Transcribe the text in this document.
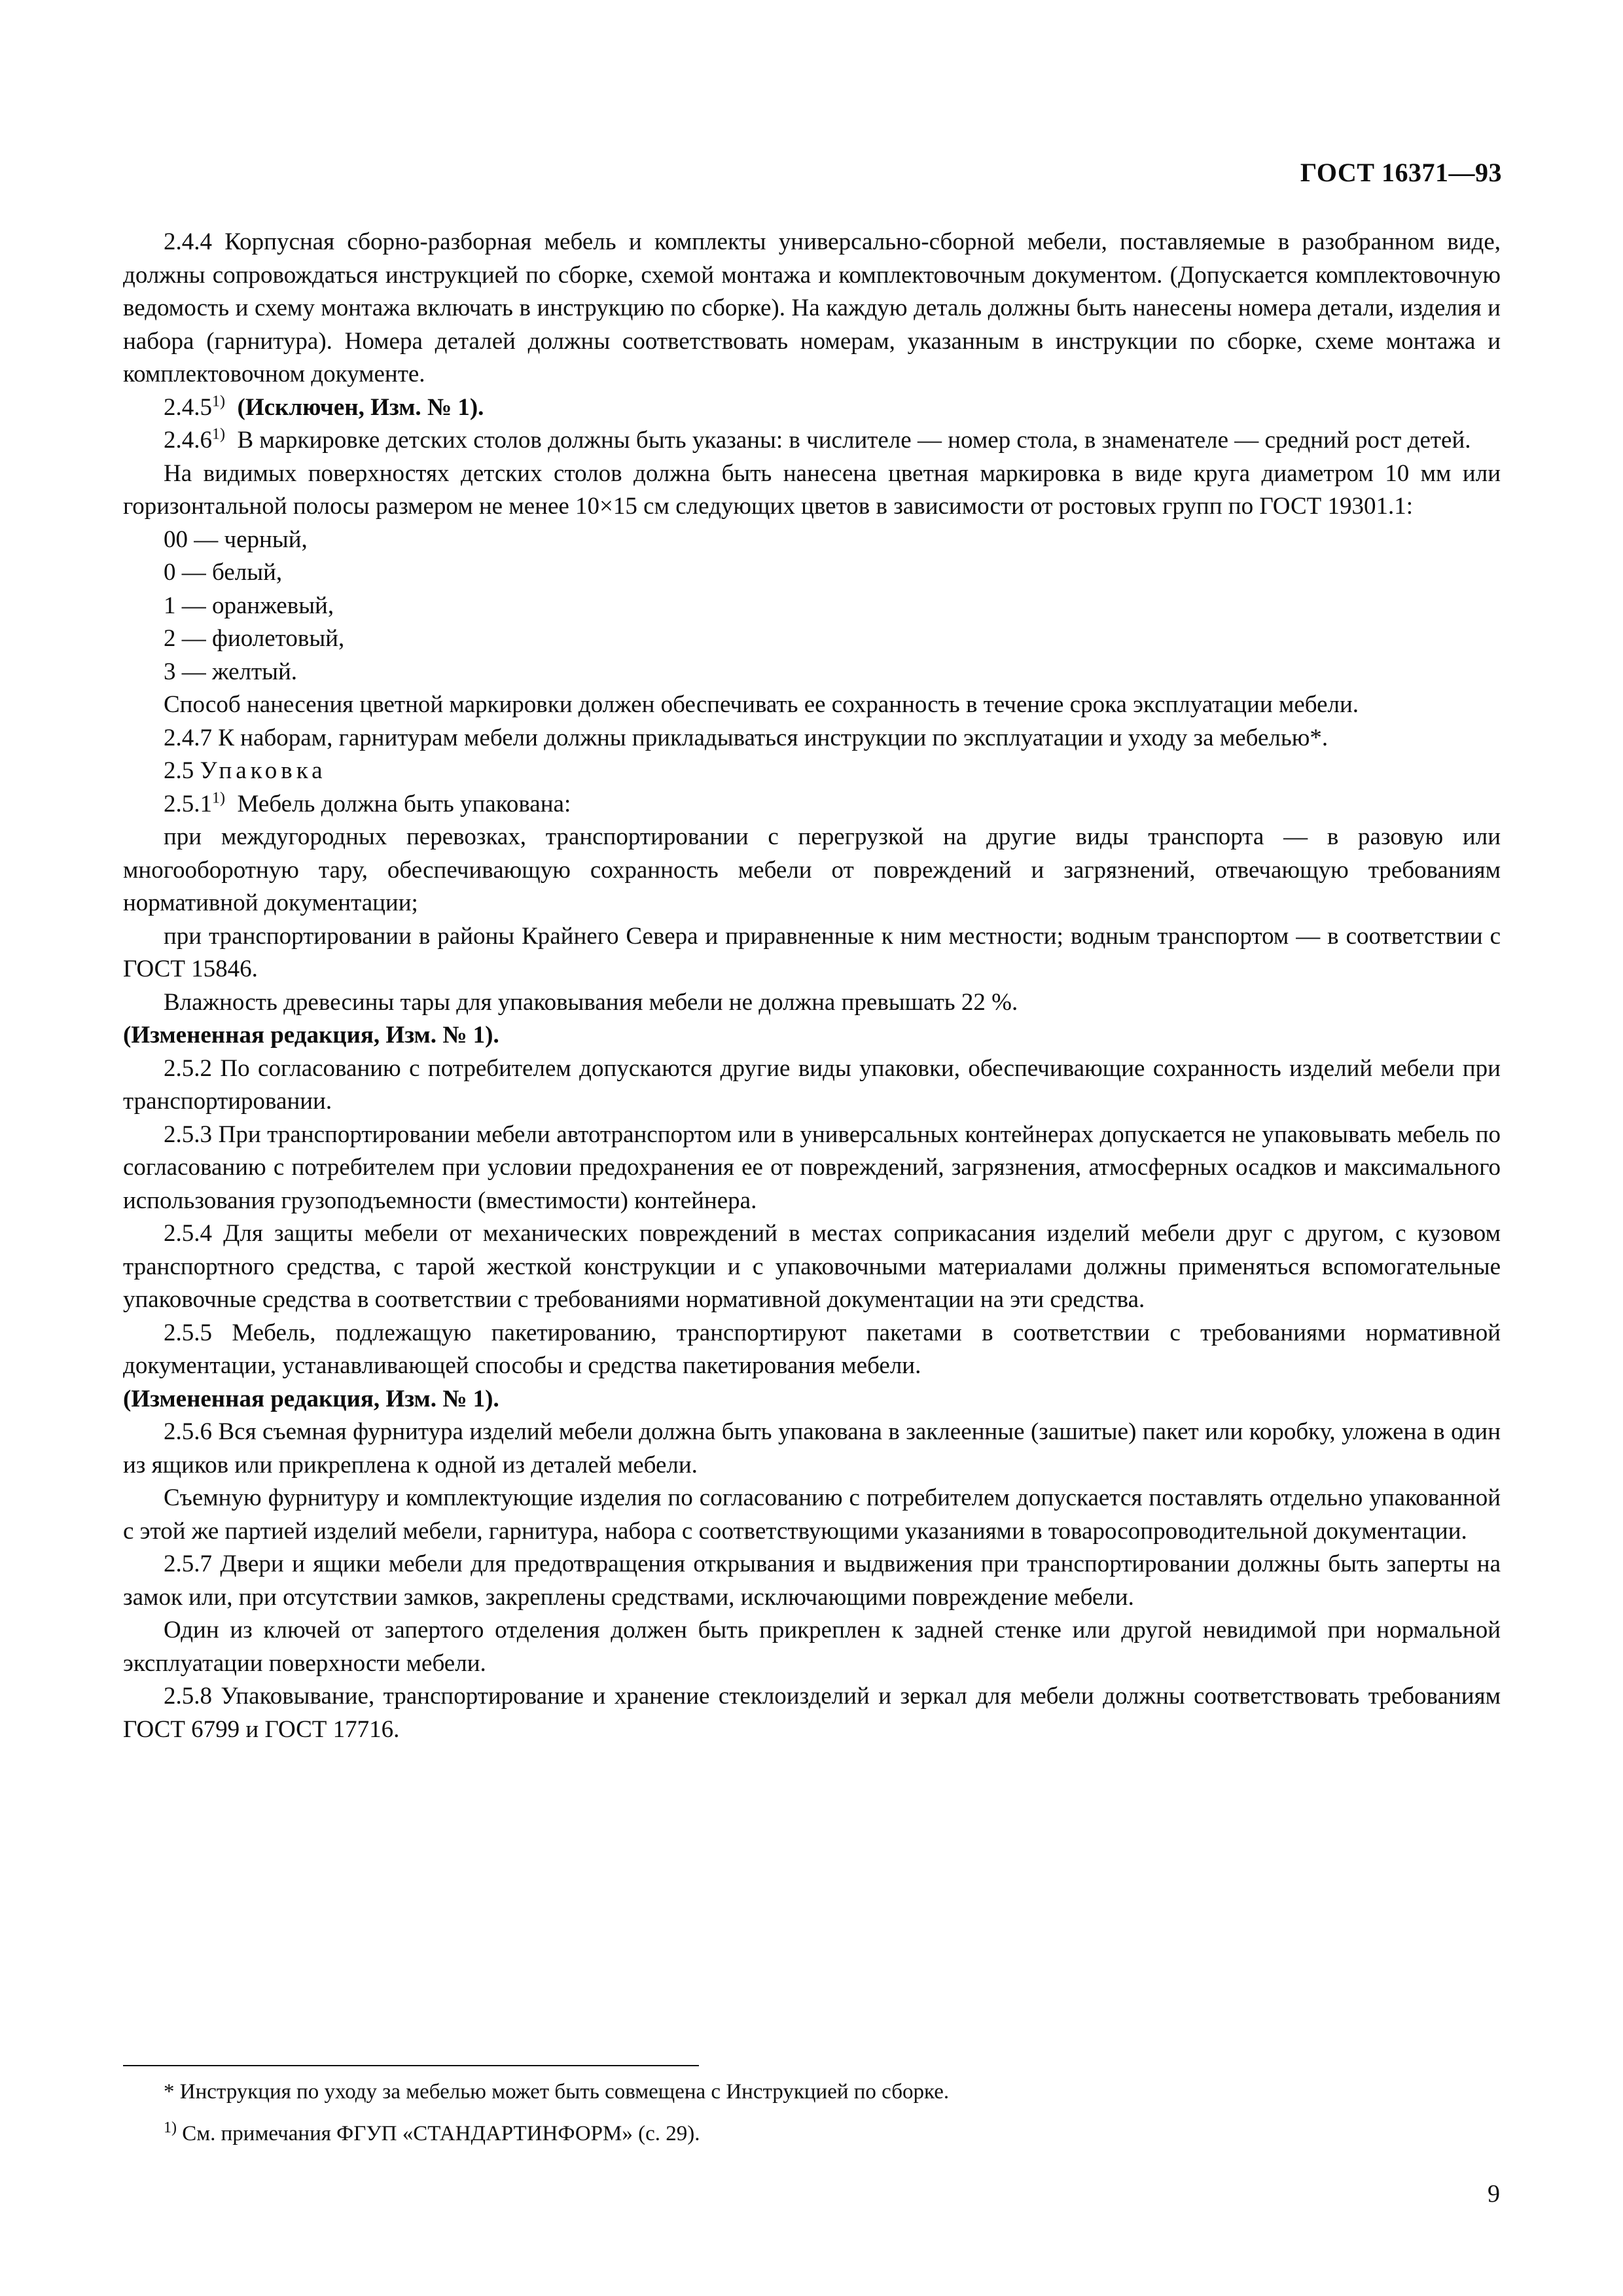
ГОСТ 16371—93

2.4.4 Корпусная сборно-разборная мебель и комплекты универсально-сборной мебели, поставляемые в разобранном виде, должны сопровождаться инструкцией по сборке, схемой монтажа и комплектовочным документом. (Допускается комплектовочную ведомость и схему монтажа включать в инструкцию по сборке). На каждую деталь должны быть нанесены номера детали, изделия и набора (гарнитура). Номера деталей должны соответствовать номерам, указанным в инструкции по сборке, схеме монтажа и комплектовочном документе.

2.4.5$^{1)}$ (Исключен, Изм. № 1).

2.4.6$^{1)}$ В маркировке детских столов должны быть указаны: в числителе — номер стола, в знаменателе — средний рост детей.

На видимых поверхностях детских столов должна быть нанесена цветная маркировка в виде круга диаметром 10 мм или горизонтальной полосы размером не менее 10×15 см следующих цветов в зависимости от ростовых групп по ГОСТ 19301.1:

00 — черный,

0 — белый,

1 — оранжевый,

2 — фиолетовый,

3 — желтый.

Способ нанесения цветной маркировки должен обеспечивать ее сохранность в течение срока эксплуатации мебели.

2.4.7 К наборам, гарнитурам мебели должны прикладываться инструкции по эксплуатации и уходу за мебелью*.

2.5 Упаковка

2.5.1$^{1)}$ Мебель должна быть упакована:

при междугородных перевозках, транспортировании с перегрузкой на другие виды транспорта — в разовую или многооборотную тару, обеспечивающую сохранность мебели от повреждений и загрязнений, отвечающую требованиям нормативной документации;

при транспортировании в районы Крайнего Севера и приравненные к ним местности; водным транспортом — в соответствии с ГОСТ 15846.

Влажность древесины тары для упаковывания мебели не должна превышать 22 %.

(Измененная редакция, Изм. № 1).

2.5.2 По согласованию с потребителем допускаются другие виды упаковки, обеспечивающие сохранность изделий мебели при транспортировании.

2.5.3 При транспортировании мебели автотранспортом или в универсальных контейнерах допускается не упаковывать мебель по согласованию с потребителем при условии предохранения ее от повреждений, загрязнения, атмосферных осадков и максимального использования грузоподъемности (вместимости) контейнера.

2.5.4 Для защиты мебели от механических повреждений в местах соприкасания изделий мебели друг с другом, с кузовом транспортного средства, с тарой жесткой конструкции и с упаковочными материалами должны применяться вспомогательные упаковочные средства в соответствии с требованиями нормативной документации на эти средства.

2.5.5 Мебель, подлежащую пакетированию, транспортируют пакетами в соответствии с требованиями нормативной документации, устанавливающей способы и средства пакетирования мебели.

(Измененная редакция, Изм. № 1).

2.5.6 Вся съемная фурнитура изделий мебели должна быть упакована в заклеенные (зашитые) пакет или коробку, уложена в один из ящиков или прикреплена к одной из деталей мебели.

Съемную фурнитуру и комплектующие изделия по согласованию с потребителем допускается поставлять отдельно упакованной с этой же партией изделий мебели, гарнитура, набора с соответствующими указаниями в товаросопроводительной документации.

2.5.7 Двери и ящики мебели для предотвращения открывания и выдвижения при транспортировании должны быть заперты на замок или, при отсутствии замков, закреплены средствами, исключающими повреждение мебели.

Один из ключей от запертого отделения должен быть прикреплен к задней стенке или другой невидимой при нормальной эксплуатации поверхности мебели.

2.5.8 Упаковывание, транспортирование и хранение стеклоизделий и зеркал для мебели должны соответствовать требованиям ГОСТ 6799 и ГОСТ 17716.

* Инструкция по уходу за мебелью может быть совмещена с Инструкцией по сборке.

$^{1)}$ См. примечания ФГУП «СТАНДАРТИНФОРМ» (с. 29).

9
